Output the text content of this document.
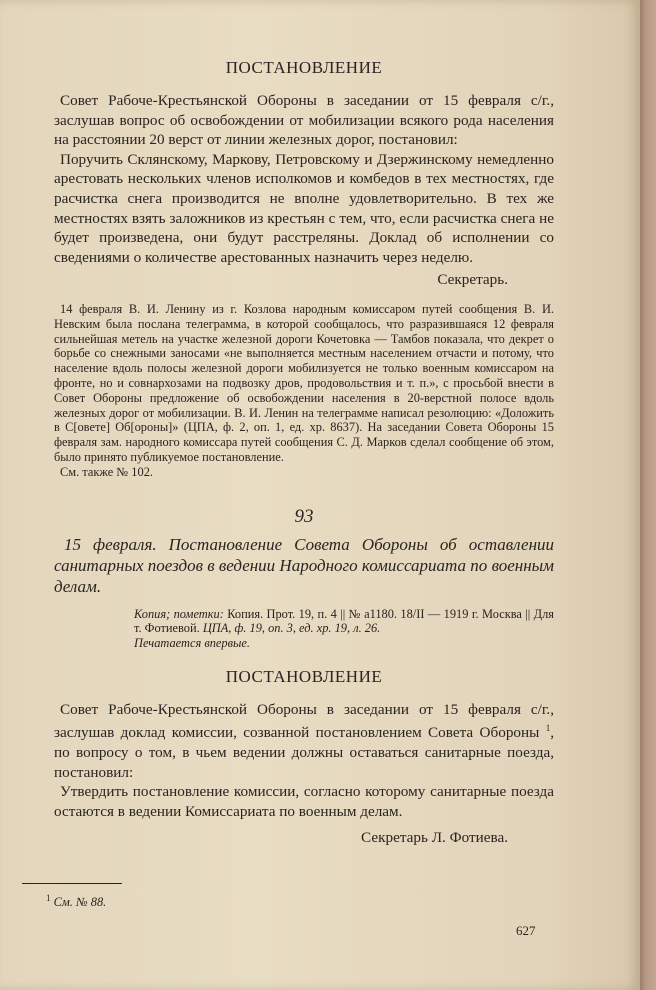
ПОСТАНОВЛЕНИЕ

Совет Рабоче-Крестьянской Обороны в заседании от 15 февраля с/г., заслушав вопрос об освобождении от мобилизации всякого рода населения на расстоянии 20 верст от линии железных дорог, постановил:

Поручить Склянскому, Маркову, Петровскому и Дзержинскому немедленно арестовать нескольких членов исполкомов и комбедов в тех местностях, где расчистка снега производится не вполне удовлетворительно. В тех же местностях взять заложников из крестьян с тем, что, если расчистка снега не будет произведена, они будут расстреляны. Доклад об исполнении со сведениями о количестве арестованных назначить через неделю.

Секретарь.

14 февраля В. И. Ленину из г. Козлова народным комиссаром путей сообщения В. И. Невским была послана телеграмма, в которой сообщалось, что разразившаяся 12 февраля сильнейшая метель на участке железной дороги Кочетовка — Тамбов показала, что декрет о борьбе со снежными заносами «не выполняется местным населением отчасти и потому, что население вдоль полосы железной дороги мобилизуется не только военным комиссаром на фронте, но и совнархозами на подвозку дров, продовольствия и т. п.», с просьбой внести в Совет Обороны предложение об освобождении населения в 20-верстной полосе вдоль железных дорог от мобилизации. В. И. Ленин на телеграмме написал резолюцию: «Доложить в С[овете] Об[ороны]» (ЦПА, ф. 2, оп. 1, ед. хр. 8637). На заседании Совета Обороны 15 февраля зам. народного комиссара путей сообщения С. Д. Марков сделал сообщение об этом, было принято публикуемое постановление.

См. также № 102.

93

15 февраля. Постановление Совета Обороны об оставлении санитарных поездов в ведении Народного комиссариата по военным делам.

Копия; пометки: Копия. Прот. 19, п. 4 || № a1180. 18/II — 1919 г. Москва || Для т. Фотиевой. ЦПА, ф. 19, оп. 3, ед. хр. 19, л. 26.

Печатается впервые.

ПОСТАНОВЛЕНИЕ

Совет Рабоче-Крестьянской Обороны в заседании от 15 февраля с/г., заслушав доклад комиссии, созванной постановлением Совета Обороны $^1$, по вопросу о том, в чьем ведении должны оставаться санитарные поезда, постановил:

Утвердить постановление комиссии, согласно которому санитарные поезда остаются в ведении Комиссариата по военным делам.

Секретарь Л. Фотиева.

$^1$ См. № 88.
627
